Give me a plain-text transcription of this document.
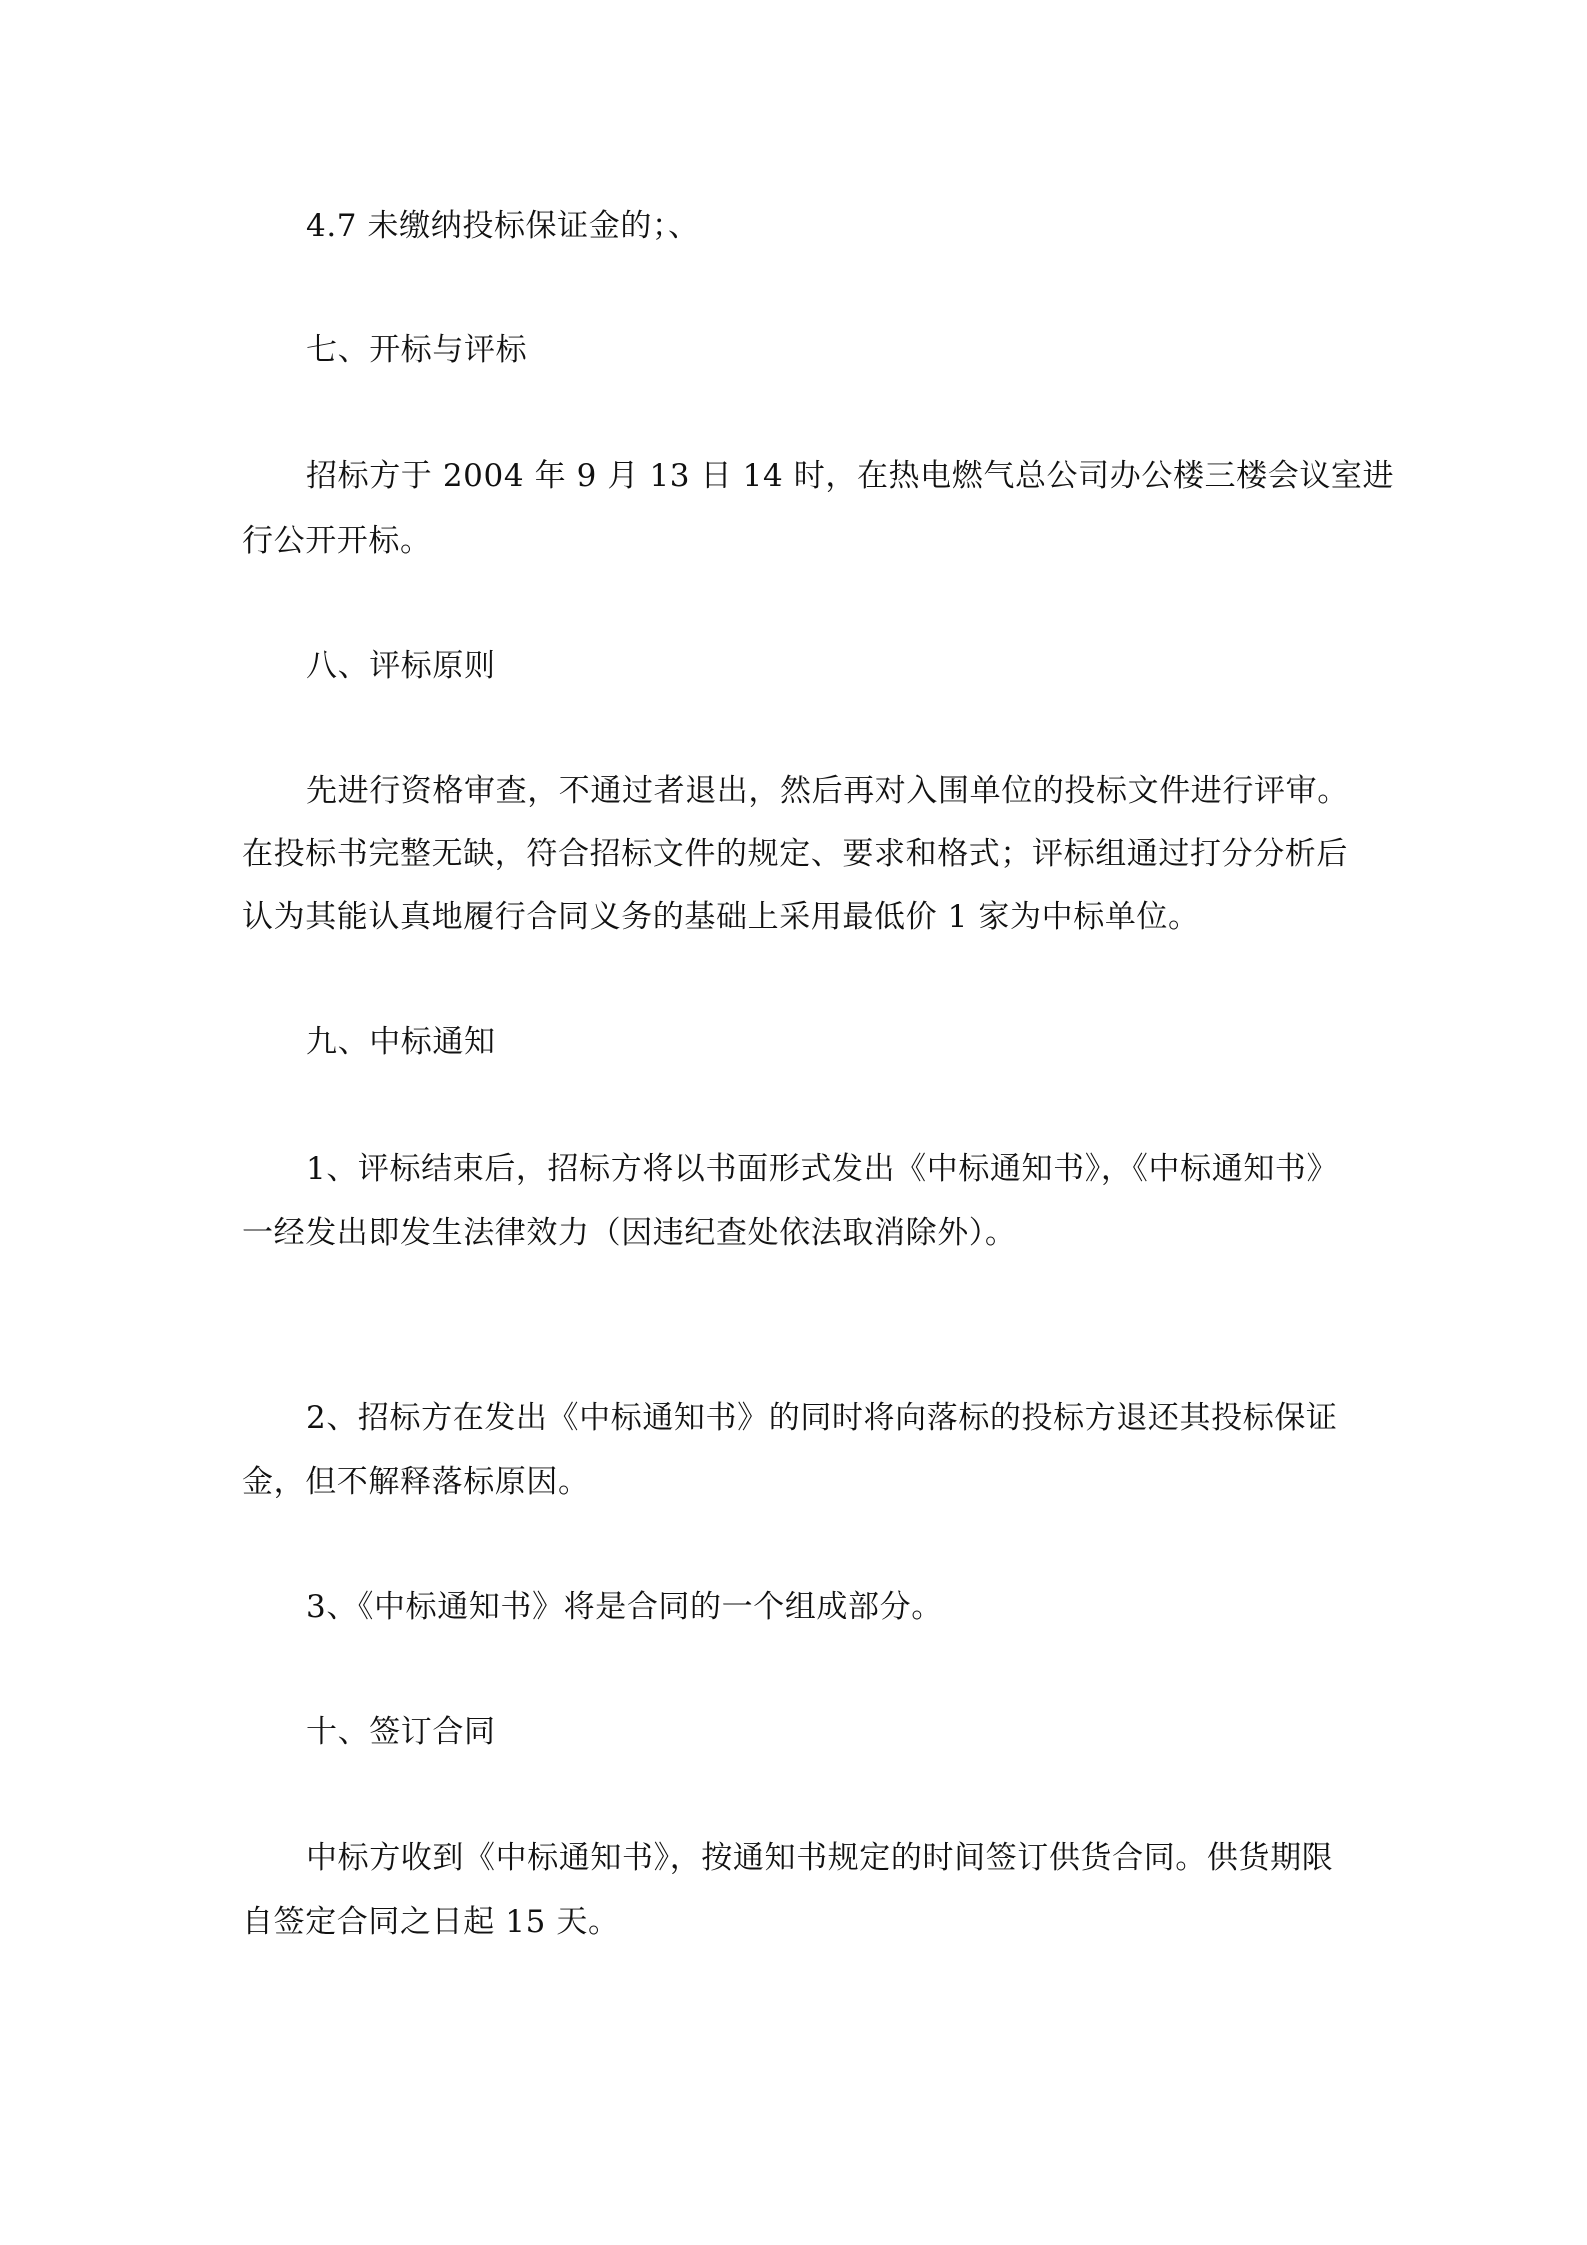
4.7 未缴纳投标保证金的；、
七、开标与评标
招标方于 2004 年 9 月 13 日 14 时，在热电燃气总公司办公楼三楼会议室进
行公开开标。
八、评标原则
先进行资格审查，不通过者退出，然后再对入围单位的投标文件进行评审。
在投标书完整无缺，符合招标文件的规定、要求和格式；评标组通过打分分析后
认为其能认真地履行合同义务的基础上采用最低价 1 家为中标单位。
九、中标通知
1、评标结束后，招标方将以书面形式发出《中标通知书》，《中标通知书》
一经发出即发生法律效力（因违纪查处依法取消除外）。
2、招标方在发出《中标通知书》的同时将向落标的投标方退还其投标保证
金，但不解释落标原因。
3、《中标通知书》将是合同的一个组成部分。
十、签订合同
中标方收到《中标通知书》，按通知书规定的时间签订供货合同。供货期限
自签定合同之日起 15 天。
